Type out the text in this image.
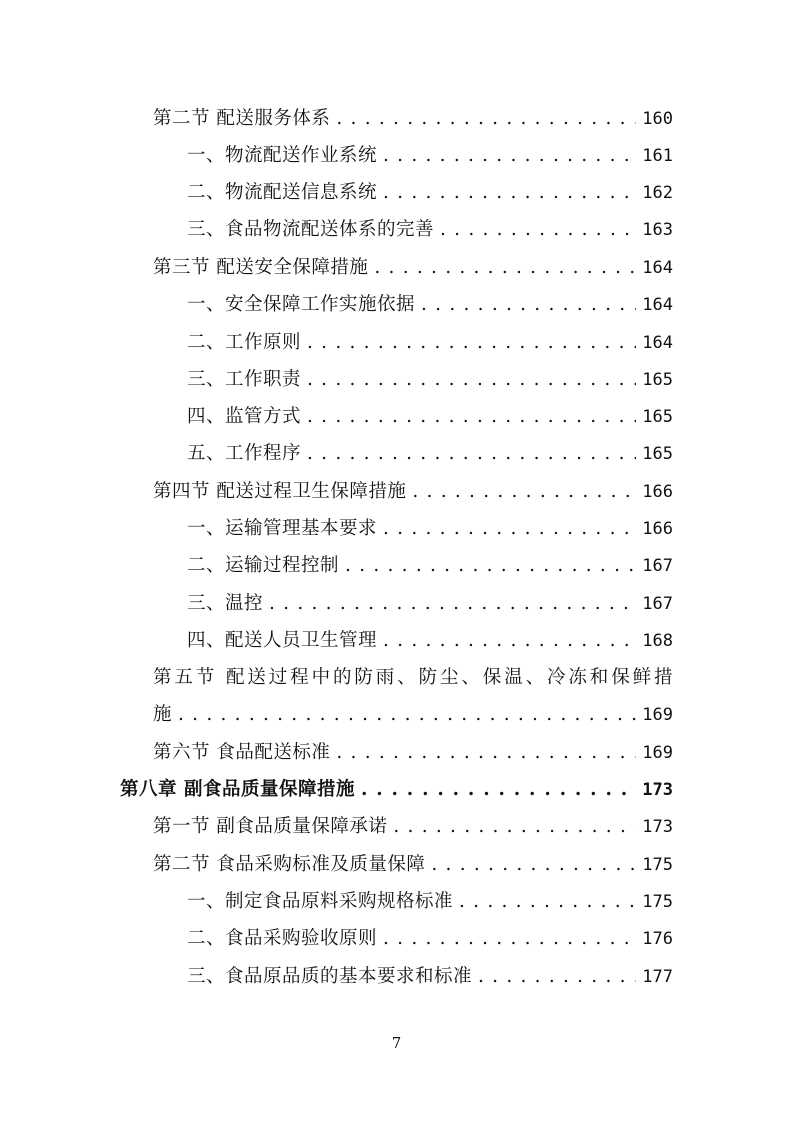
第二节 配送服务体系 . . .	160
一、物流配送作业系统 . . .	161
二、物流配送信息系统 . . .	162
三、食品物流配送体系的完善 . . .	163
第三节 配送安全保障措施 . . .	164
一、安全保障工作实施依据 . . .	164
二、工作原则 . . .	164
三、工作职责 . . .	165
四、监管方式 . . .	165
五、工作程序 . . .	165
第四节 配送过程卫生保障措施 . . .	166
一、运输管理基本要求 . . .	166
二、运输过程控制 . . .	167
三、温控 . . .	167
四、配送人员卫生管理 . . .	168
第五节 配送过程中的防雨、防尘、保温、冷冻和保鲜措
施 . . .	169
第六节 食品配送标准 . . .	169
第八章 副食品质量保障措施 . . .	173
第一节 副食品质量保障承诺 . . .	173
第二节 食品采购标准及质量保障 . . .	175
一、制定食品原料采购规格标准 . . .	175
二、食品采购验收原则 . . .	176
三、食品原品质的基本要求和标准 . . .	177
7
